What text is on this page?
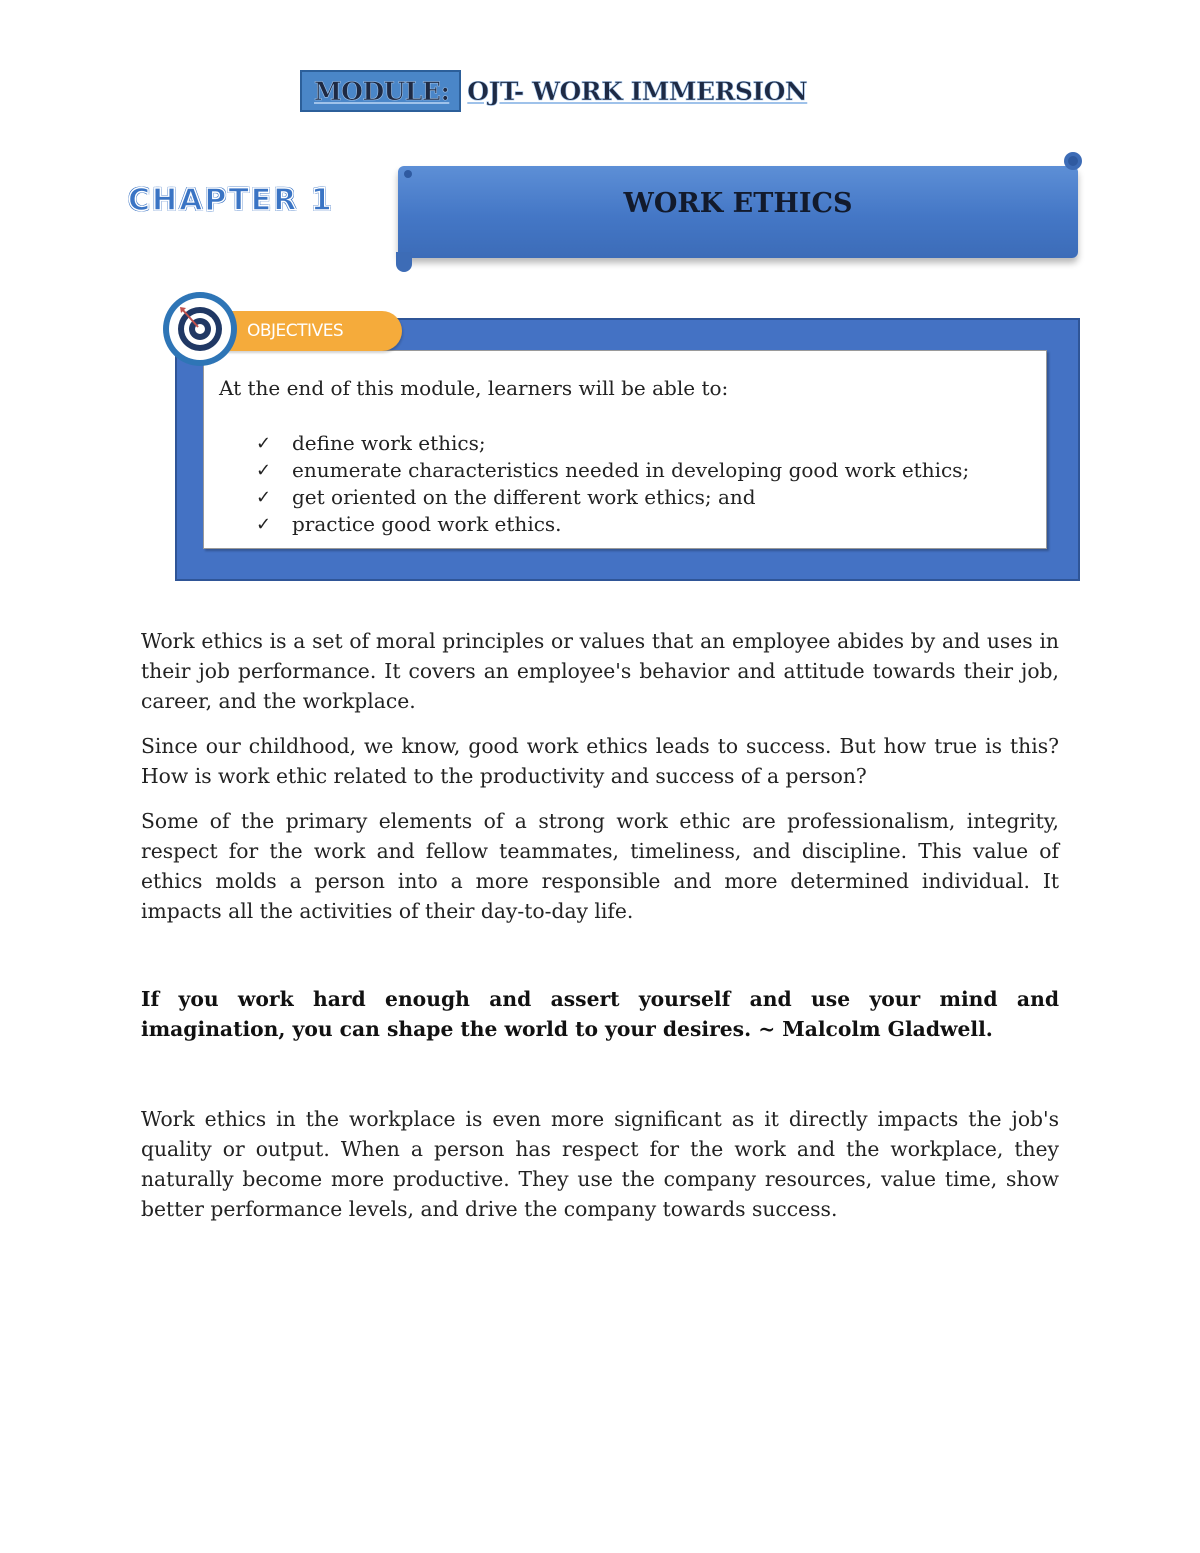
MODULE: OJT- WORK IMMERSION
CHAPTER 1	WORK ETHICS
OBJECTIVES
At the end of this module, learners will be able to:
✓	define work ethics;
✓	enumerate characteristics needed in developing good work ethics;
✓	get oriented on the different work ethics; and
✓	practice good work ethics.

Work ethics is a set of moral principles or values that an employee abides by and uses in their job performance. It covers an employee's behavior and attitude towards their job, career, and the workplace.

Since our childhood, we know, good work ethics leads to success. But how true is this? How is work ethic related to the productivity and success of a person?

Some of the primary elements of a strong work ethic are professionalism, integrity, respect for the work and fellow teammates, timeliness, and discipline. This value of ethics molds a person into a more responsible and more determined individual. It impacts all the activities of their day-to-day life.

If you work hard enough and assert yourself and use your mind and imagination, you can shape the world to your desires. ~ Malcolm Gladwell.

Work ethics in the workplace is even more significant as it directly impacts the job's quality or output. When a person has respect for the work and the workplace, they naturally become more productive. They use the company resources, value time, show better performance levels, and drive the company towards success.
